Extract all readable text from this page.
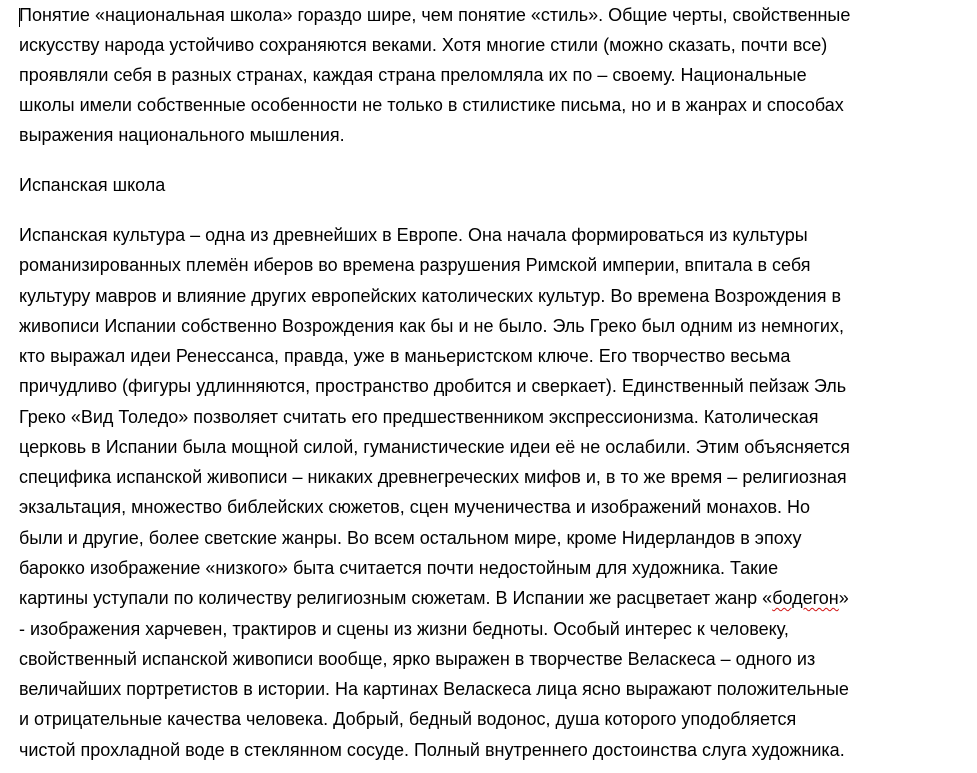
Понятие «национальная школа» гораздо шире, чем понятие «стиль». Общие черты, свойственные
искусству народа устойчиво сохраняются веками. Хотя многие стили (можно сказать, почти все)
проявляли себя в разных странах, каждая страна преломляла их по – своему. Национальные
школы имели собственные особенности не только в стилистике письма, но и в жанрах и способах
выражения национального мышления.
Испанская школа
Испанская культура – одна из древнейших в Европе. Она начала формироваться из культуры
романизированных племён иберов во времена разрушения Римской империи, впитала в себя
культуру мавров и влияние других европейских католических культур. Во времена Возрождения в
живописи Испании собственно Возрождения как бы и не было. Эль Греко был одним из немногих,
кто выражал идеи Ренессанса, правда, уже в маньеристском ключе. Его творчество весьма
причудливо (фигуры удлинняются, пространство дробится и сверкает). Единственный пейзаж Эль
Греко «Вид Толедо» позволяет считать его предшественником экспрессионизма. Католическая
церковь в Испании была мощной силой, гуманистические идеи её не ослабили. Этим объясняется
специфика испанской живописи – никаких древнегреческих мифов и, в то же время – религиозная
экзальтация, множество библейских сюжетов, сцен мученичества и изображений монахов. Но
были и другие, более светские жанры. Во всем остальном мире, кроме Нидерландов в эпоху
барокко изображение «низкого» быта считается почти недостойным для художника. Такие
картины уступали по количеству религиозным сюжетам. В Испании же расцветает жанр «бодегон»
- изображения харчевен, трактиров и сцены из жизни бедноты. Особый интерес к человеку,
свойственный испанской живописи вообще, ярко выражен в творчестве Веласкеса – одного из
величайших портретистов в истории. На картинах Веласкеса лица ясно выражают положительные
и отрицательные качества человека. Добрый, бедный водонос, душа которого уподобляется
чистой прохладной воде в стеклянном сосуде. Полный внутреннего достоинства слуга художника.
